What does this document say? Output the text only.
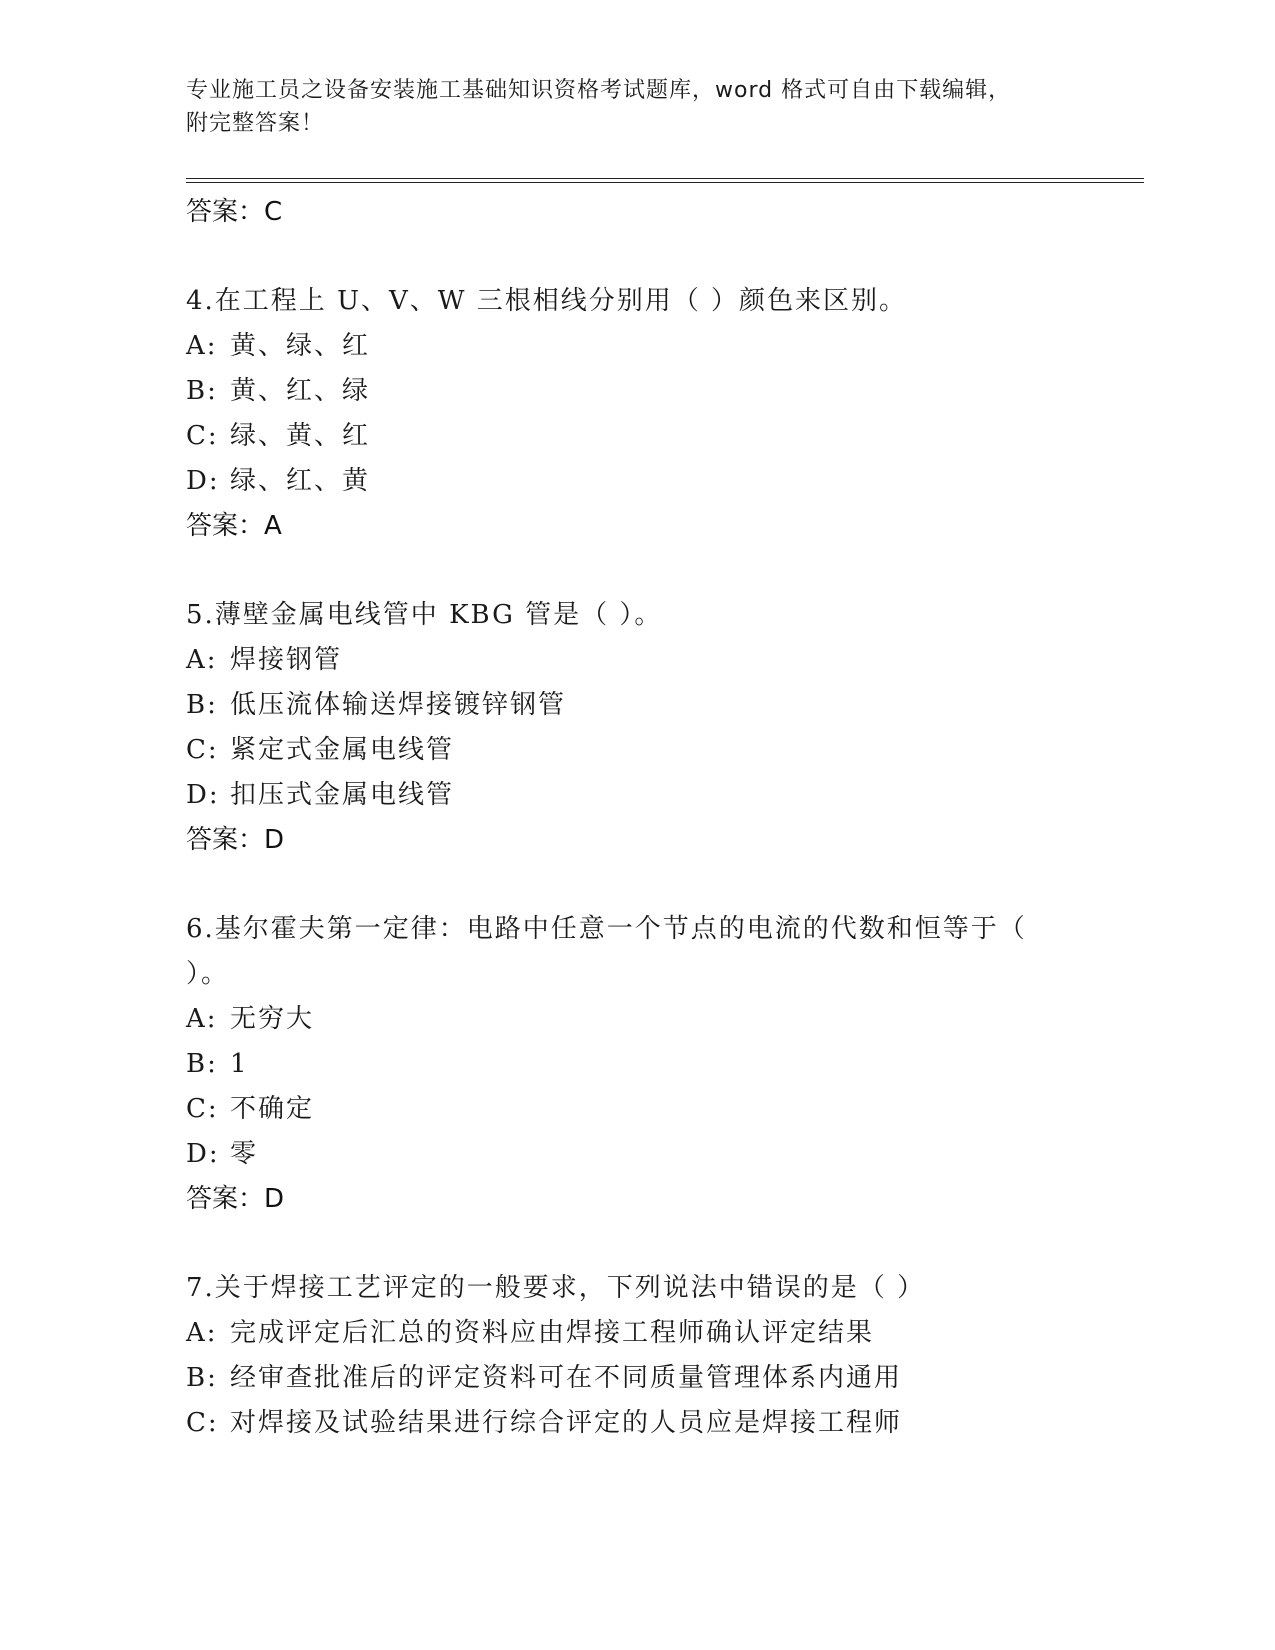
专业施工员之设备安装施工基础知识资格考试题库，word 格式可自由下载编辑，
附完整答案！
答案：C
4.在工程上 U、V、W 三根相线分别用（ ）颜色来区别。
A: 黄、绿、红
B: 黄、红、绿
C: 绿、黄、红
D: 绿、红、黄
答案：A
5.薄壁金属电线管中 KBG 管是（ ）。
A: 焊接钢管
B: 低压流体输送焊接镀锌钢管
C: 紧定式金属电线管
D: 扣压式金属电线管
答案：D
6.基尔霍夫第一定律：电路中任意一个节点的电流的代数和恒等于（
）。
A: 无穷大
B: 1
C: 不确定
D: 零
答案：D
7.关于焊接工艺评定的一般要求，下列说法中错误的是（ ）
A: 完成评定后汇总的资料应由焊接工程师确认评定结果
B: 经审查批准后的评定资料可在不同质量管理体系内通用
C: 对焊接及试验结果进行综合评定的人员应是焊接工程师
